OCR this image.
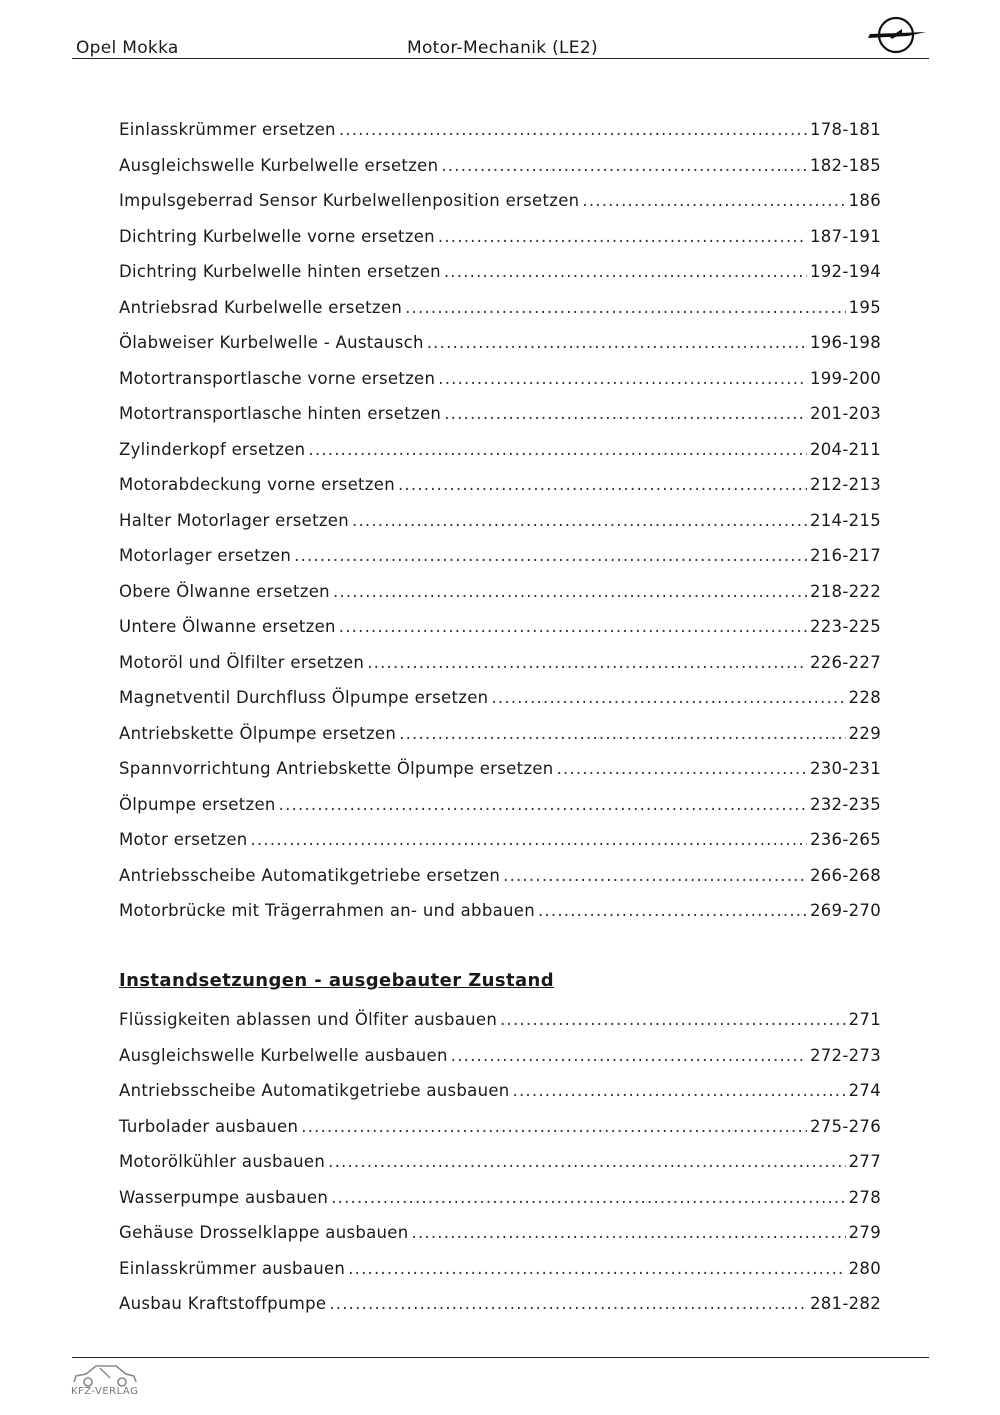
Opel Mokka	Motor-Mechanik (LE2)
Einlasskrümmer ersetzen .....	178-181
Ausgleichswelle Kurbelwelle ersetzen .....	182-185
Impulsgeberrad Sensor Kurbelwellenposition ersetzen .....	186
Dichtring Kurbelwelle vorne ersetzen .....	187-191
Dichtring Kurbelwelle hinten ersetzen .....	192-194
Antriebsrad Kurbelwelle ersetzen .....	195
Ölabweiser Kurbelwelle - Austausch .....	196-198
Motortransportlasche vorne ersetzen .....	199-200
Motortransportlasche hinten ersetzen .....	201-203
Zylinderkopf ersetzen .....	204-211
Motorabdeckung vorne ersetzen .....	212-213
Halter Motorlager ersetzen .....	214-215
Motorlager ersetzen .....	216-217
Obere Ölwanne ersetzen .....	218-222
Untere Ölwanne ersetzen .....	223-225
Motoröl und Ölfilter ersetzen .....	226-227
Magnetventil Durchfluss Ölpumpe ersetzen .....	228
Antriebskette Ölpumpe ersetzen .....	229
Spannvorrichtung Antriebskette Ölpumpe ersetzen .....	230-231
Ölpumpe ersetzen .....	232-235
Motor ersetzen .....	236-265
Antriebsscheibe Automatikgetriebe ersetzen .....	266-268
Motorbrücke mit Trägerrahmen an- und abbauen .....	269-270
Instandsetzungen - ausgebauter Zustand
Flüssigkeiten ablassen und Ölfiter ausbauen .....	271
Ausgleichswelle Kurbelwelle ausbauen .....	272-273
Antriebsscheibe Automatikgetriebe ausbauen .....	274
Turbolader ausbauen .....	275-276
Motorölkühler ausbauen .....	277
Wasserpumpe ausbauen .....	278
Gehäuse Drosselklappe ausbauen .....	279
Einlasskrümmer ausbauen .....	280
Ausbau Kraftstoffpumpe .....	281-282
KFZ-VERLAG
